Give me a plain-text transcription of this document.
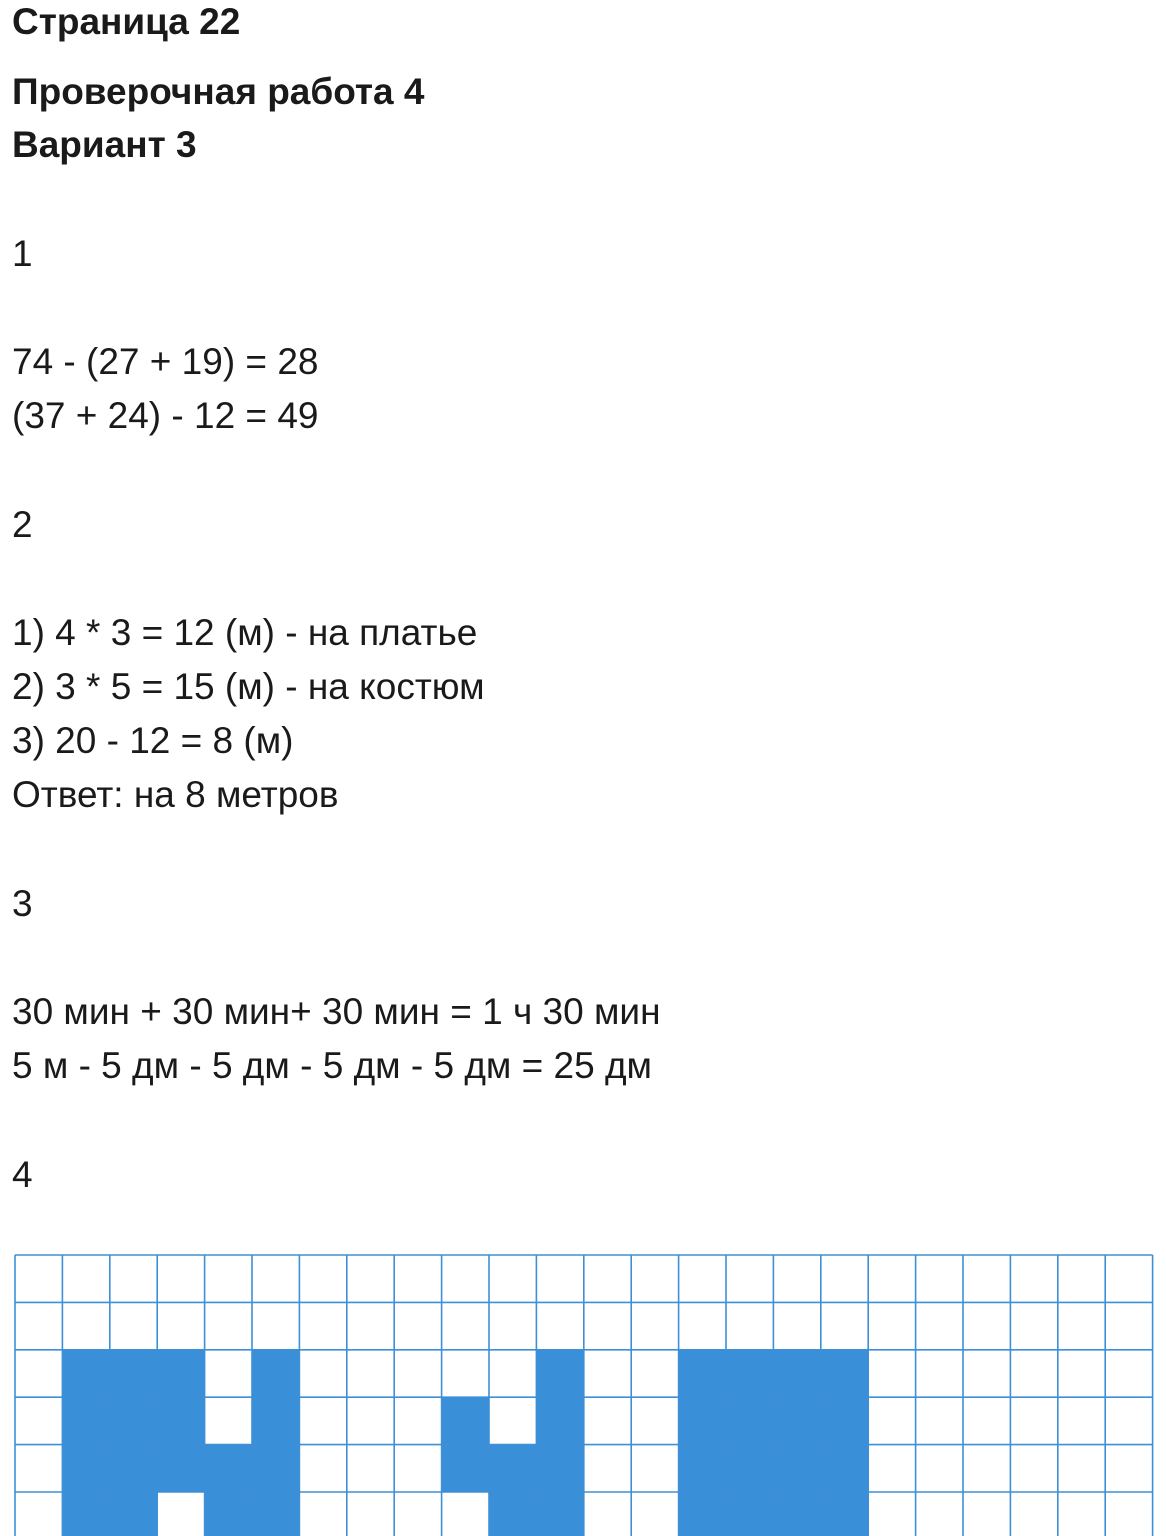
Страница 22
Проверочная работа 4
Вариант 3
1
74 - (27 + 19) = 28
(37 + 24) - 12 = 49
2
1) 4 * 3 = 12 (м) - на платье
2) 3 * 5 = 15 (м) - на костюм
3) 20 - 12 = 8 (м)
Ответ: на 8 метров
3
30 мин + 30 мин+ 30 мин = 1 ч 30 мин
5 м - 5 дм - 5 дм - 5 дм - 5 дм = 25 дм
4
